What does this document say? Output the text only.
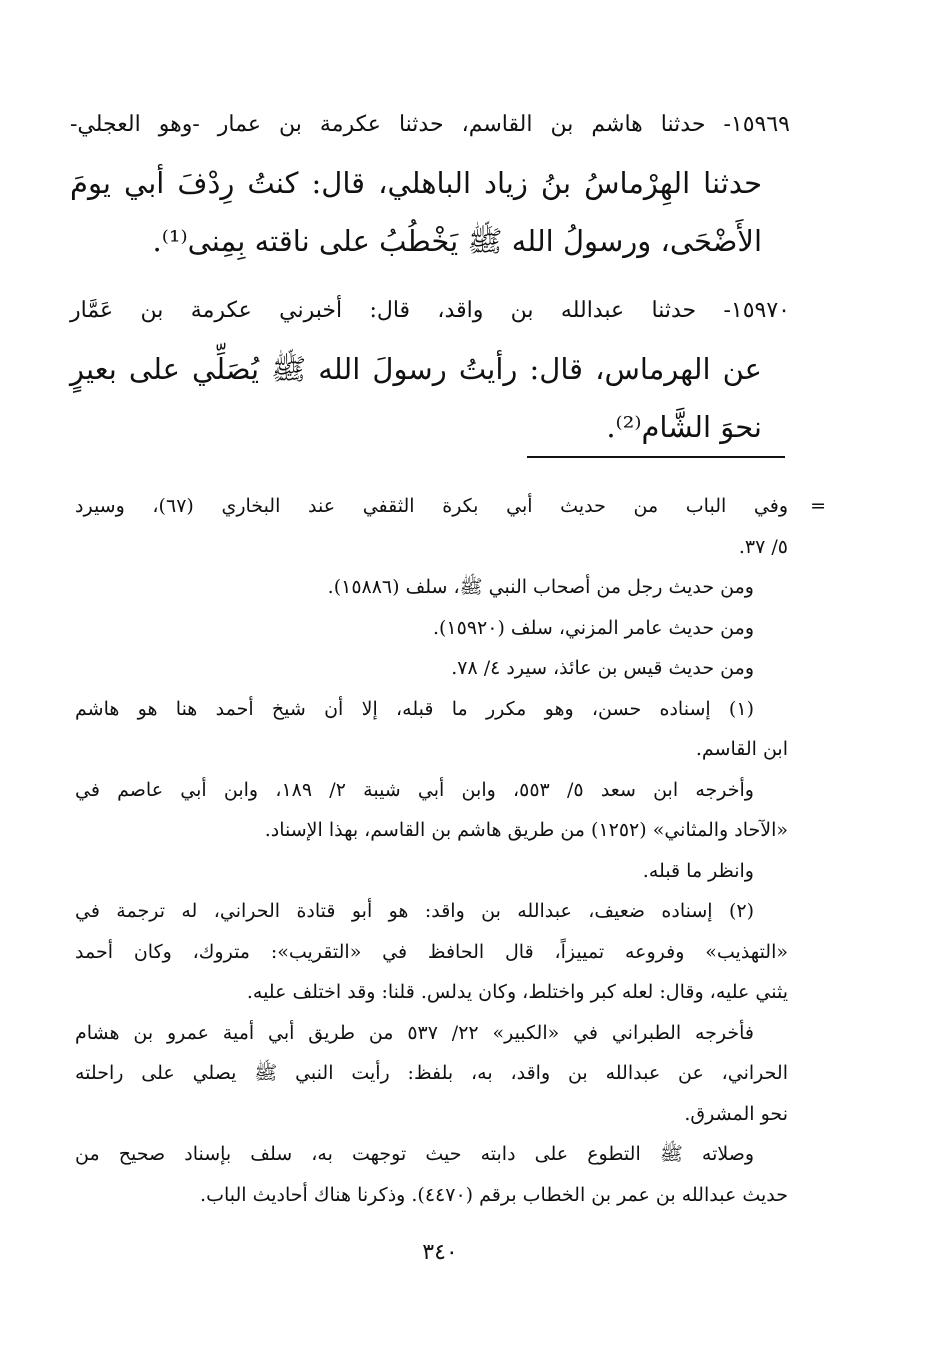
١٥٩٦٩- حدثنا هاشم بن القاسم، حدثنا عكرمة بن عمار -وهو العجلي-
حدثنا الهِرْماسُ بنُ زياد الباهلي، قال: كنتُ رِدْفَ أبي يومَ
الأَضْحَى، ورسولُ الله ﷺ يَخْطُبُ على ناقته بِمِنى⁽¹⁾.
١٥٩٧٠- حدثنا عبدالله بن واقد، قال: أخبرني عكرمة بن عَمَّار
عن الهرماس، قال: رأيتُ رسولَ الله ﷺ يُصَلِّي على بعيرٍ
نحوَ الشَّام⁽²⁾.
=
وفي الباب من حديث أبي بكرة الثقفي عند البخاري (٦٧)، وسيرد
٥/ ٣٧.
ومن حديث رجل من أصحاب النبي ﷺ، سلف (١٥٨٨٦).
ومن حديث عامر المزني، سلف (١٥٩٢٠).
ومن حديث قيس بن عائذ، سيرد ٤/ ٧٨.
(١) إسناده حسن، وهو مكرر ما قبله، إلا أن شيخ أحمد هنا هو هاشم
ابن القاسم.
وأخرجه ابن سعد ٥/ ٥٥٣، وابن أبي شيبة ٢/ ١٨٩، وابن أبي عاصم في
«الآحاد والمثاني» (١٢٥٢) من طريق هاشم بن القاسم، بهذا الإسناد.
وانظر ما قبله.
(٢) إسناده ضعيف، عبدالله بن واقد: هو أبو قتادة الحراني، له ترجمة في
«التهذيب» وفروعه تمييزاً، قال الحافظ في «التقريب»: متروك، وكان أحمد
يثني عليه، وقال: لعله كبر واختلط، وكان يدلس. قلنا: وقد اختلف عليه.
فأخرجه الطبراني في «الكبير» ٢٢/ ٥٣٧ من طريق أبي أمية عمرو بن هشام
الحراني، عن عبدالله بن واقد، به، بلفظ: رأيت النبي ﷺ يصلي على راحلته
نحو المشرق.
وصلاته ﷺ التطوع على دابته حيث توجهت به، سلف بإسناد صحيح من
حديث عبدالله بن عمر بن الخطاب برقم (٤٤٧٠). وذكرنا هناك أحاديث الباب.
٣٤٠
